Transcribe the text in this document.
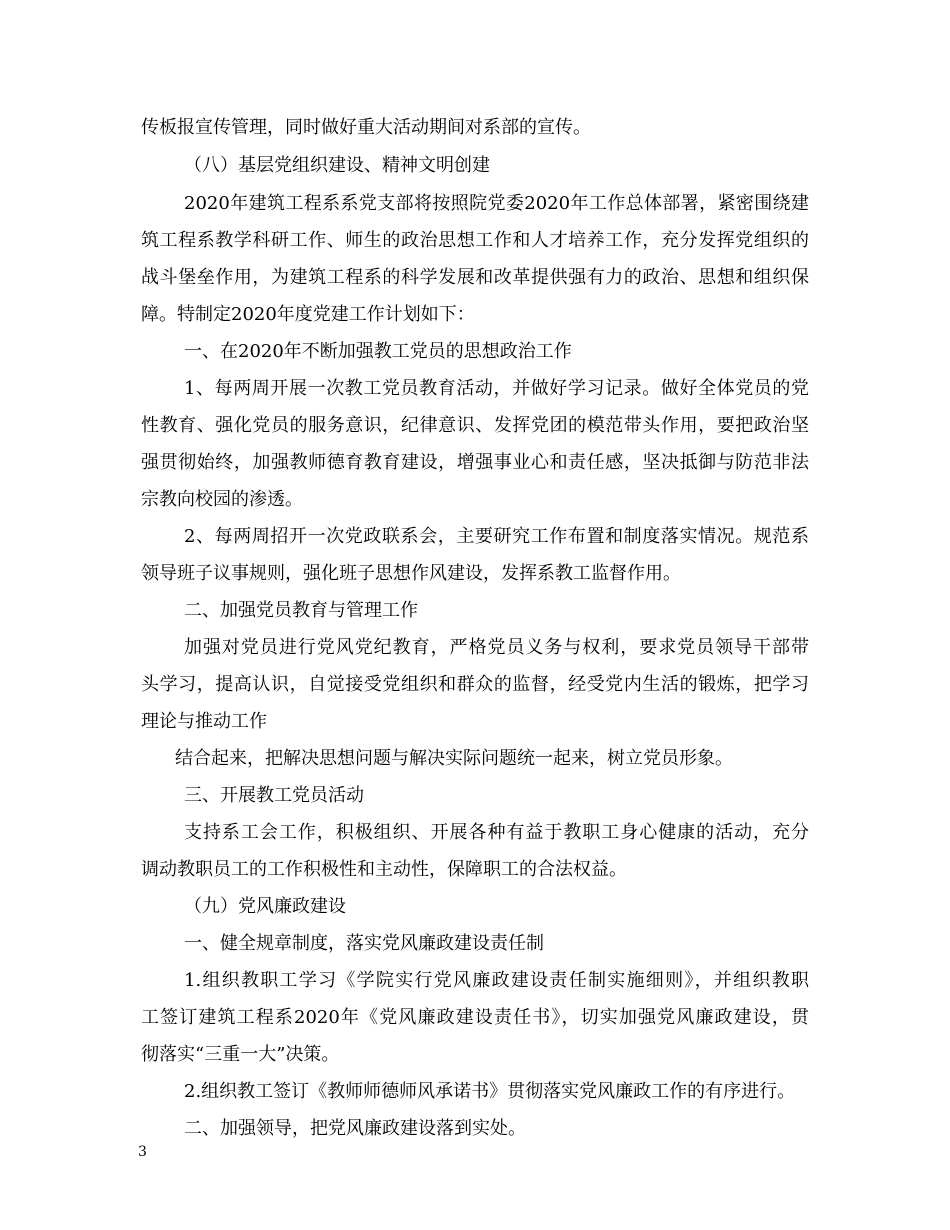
传板报宣传管理，同时做好重大活动期间对系部的宣传。
（八）基层党组织建设、精神文明创建
2020年建筑工程系系党支部将按照院党委2020年工作总体部署，紧密围绕建
筑工程系教学科研工作、师生的政治思想工作和人才培养工作，充分发挥党组织的
战斗堡垒作用，为建筑工程系的科学发展和改革提供强有力的政治、思想和组织保
障。特制定2020年度党建工作计划如下：
一、在2020年不断加强教工党员的思想政治工作
1、每两周开展一次教工党员教育活动，并做好学习记录。做好全体党员的党
性教育、强化党员的服务意识，纪律意识、发挥党团的模范带头作用，要把政治坚
强贯彻始终，加强教师德育教育建设，增强事业心和责任感，坚决抵御与防范非法
宗教向校园的渗透。
2、每两周招开一次党政联系会，主要研究工作布置和制度落实情况。规范系
领导班子议事规则，强化班子思想作风建设，发挥系教工监督作用。
二、加强党员教育与管理工作
加强对党员进行党风党纪教育，严格党员义务与权利，要求党员领导干部带
头学习，提高认识，自觉接受党组织和群众的监督，经受党内生活的锻炼，把学习
理论与推动工作
结合起来，把解决思想问题与解决实际问题统一起来，树立党员形象。
三、开展教工党员活动
支持系工会工作，积极组织、开展各种有益于教职工身心健康的活动，充分
调动教职员工的工作积极性和主动性，保障职工的合法权益。
（九）党风廉政建设
一、健全规章制度，落实党风廉政建设责任制
1.组织教职工学习《学院实行党风廉政建设责任制实施细则》，并组织教职
工签订建筑工程系2020年《党风廉政建设责任书》，切实加强党风廉政建设，贯
彻落实“三重一大”决策。
2.组织教工签订《教师师德师风承诺书》贯彻落实党风廉政工作的有序进行。
二、加强领导，把党风廉政建设落到实处。
3
